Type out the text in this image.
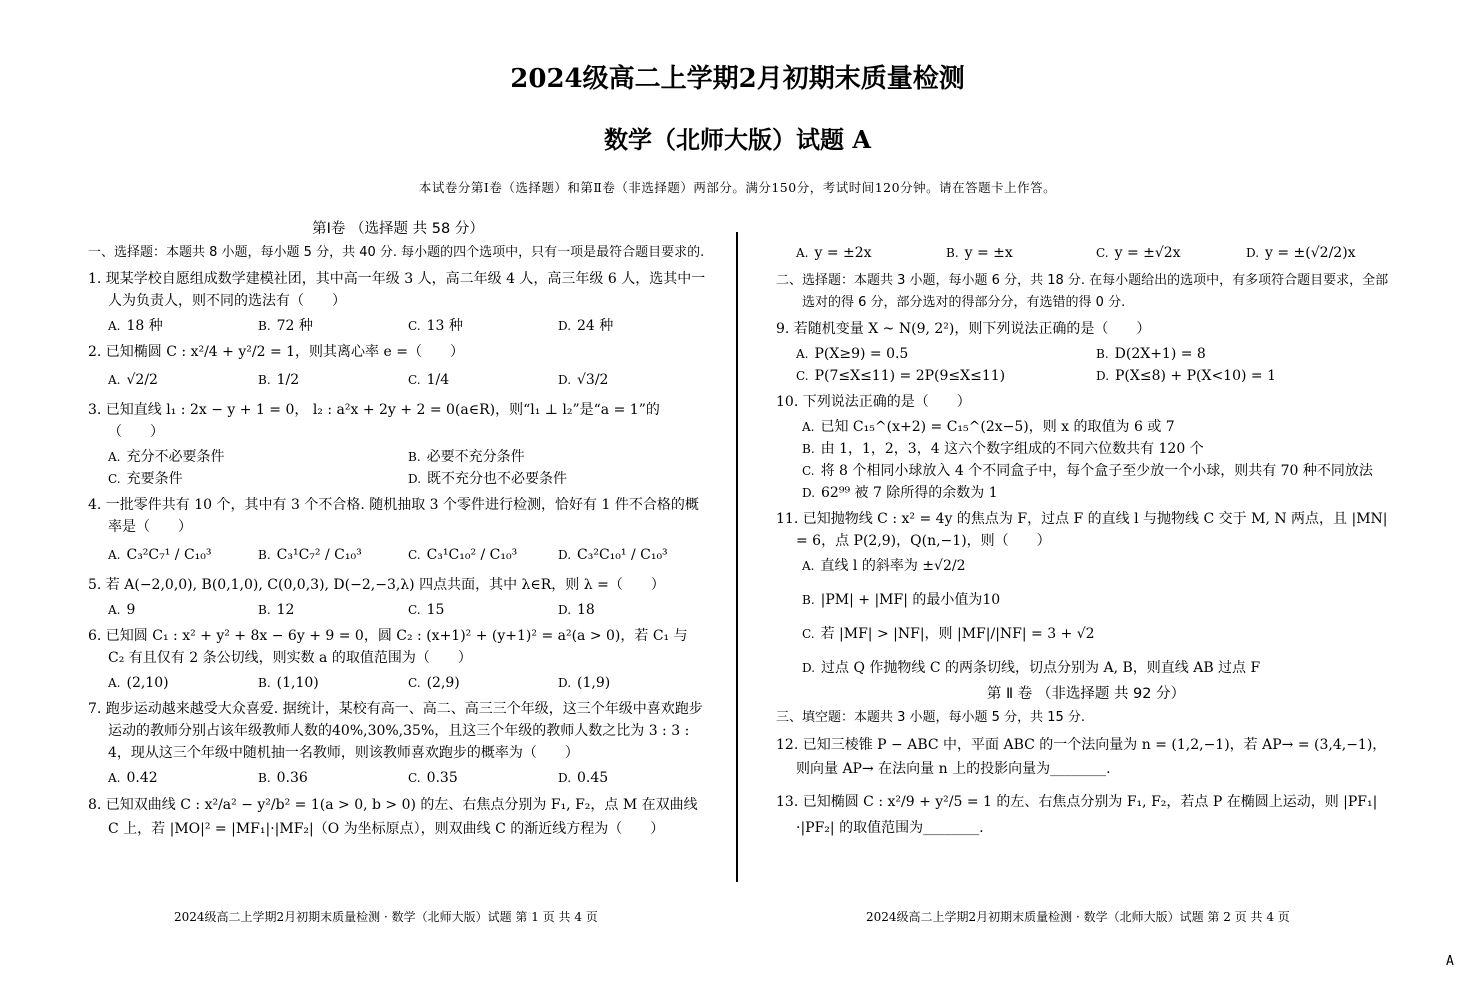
2024级高二上学期2月初期末质量检测
数学（北师大版）试题 A
本试卷分第Ⅰ卷（选择题）和第Ⅱ卷（非选择题）两部分。满分150分，考试时间120分钟。请在答题卡上作答。
第Ⅰ卷 （选择题 共 58 分）
一、选择题：本题共 8 小题，每小题 5 分，共 40 分. 每小题的四个选项中，只有一项是最符合题目要求的.
1. 现某学校自愿组成数学建模社团，其中高一年级 3 人，高二年级 4 人，高三年级 6 人，选其中一人为负责人，则不同的选法有（　　）
A. 18 种	B. 72 种	C. 13 种	D. 24 种
2. 已知椭圆 C : x²/4 + y²/2 = 1，则其离心率 e =（　　）
A. √2/2	B. 1/2	C. 1/4	D. √3/2
3. 已知直线 l₁ : 2x − y + 1 = 0， l₂ : a²x + 2y + 2 = 0(a∈R)，则“l₁ ⊥ l₂”是“a = 1”的（　　）
A. 充分不必要条件	B. 必要不充分条件
C. 充要条件	D. 既不充分也不必要条件
4. 一批零件共有 10 个，其中有 3 个不合格. 随机抽取 3 个零件进行检测，恰好有 1 件不合格的概率是（　　）
A. C₃²C₇¹ / C₁₀³	B. C₃¹C₇² / C₁₀³	C. C₃¹C₁₀² / C₁₀³	D. C₃²C₁₀¹ / C₁₀³
5. 若 A(−2,0,0), B(0,1,0), C(0,0,3), D(−2,−3,λ) 四点共面，其中 λ∈R，则 λ =（　　）
A. 9	B. 12	C. 15	D. 18
6. 已知圆 C₁ : x² + y² + 8x − 6y + 9 = 0，圆 C₂ : (x+1)² + (y+1)² = a²(a > 0)，若 C₁ 与 C₂ 有且仅有 2 条公切线，则实数 a 的取值范围为（　　）
A. (2,10)	B. (1,10)	C. (2,9)	D. (1,9)
7. 跑步运动越来越受大众喜爱. 据统计，某校有高一、高二、高三三个年级，这三个年级中喜欢跑步运动的教师分别占该年级教师人数的40%,30%,35%，且这三个年级的教师人数之比为 3 : 3 : 4，现从这三个年级中随机抽一名教师，则该教师喜欢跑步的概率为（　　）
A. 0.42	B. 0.36	C. 0.35	D. 0.45
8. 已知双曲线 C : x²/a² − y²/b² = 1(a > 0, b > 0) 的左、右焦点分别为 F₁, F₂，点 M 在双曲线 C 上，若 |MO|² = |MF₁|·|MF₂|（O 为坐标原点），则双曲线 C 的渐近线方程为（　　）
A. y = ±2x	B. y = ±x	C. y = ±√2x	D. y = ±(√2/2)x
二、选择题：本题共 3 小题，每小题 6 分，共 18 分. 在每小题给出的选项中，有多项符合题目要求，全部选对的得 6 分，部分选对的得部分分，有选错的得 0 分.
9. 若随机变量 X ~ N(9, 2²)，则下列说法正确的是（　　）
A. P(X≥9) = 0.5	B. D(2X+1) = 8
C. P(7≤X≤11) = 2P(9≤X≤11)	D. P(X≤8) + P(X<10) = 1
10. 下列说法正确的是（　　）
A. 已知 C₁₅^(x+2) = C₁₅^(2x−5)，则 x 的取值为 6 或 7
B. 由 1，1，2，3，4 这六个数字组成的不同六位数共有 120 个
C. 将 8 个相同小球放入 4 个不同盒子中，每个盒子至少放一个小球，则共有 70 种不同放法
D. 62⁹⁹ 被 7 除所得的余数为 1
11. 已知抛物线 C : x² = 4y 的焦点为 F，过点 F 的直线 l 与抛物线 C 交于 M, N 两点，且 |MN| = 6，点 P(2,9)，Q(n,−1)，则（　　）
A. 直线 l 的斜率为 ±√2/2
B. |PM| + |MF| 的最小值为10
C. 若 |MF| > |NF|，则 |MF|/|NF| = 3 + √2
D. 过点 Q 作抛物线 C 的两条切线，切点分别为 A, B，则直线 AB 过点 F
第 Ⅱ 卷 （非选择题 共 92 分）
三、填空题：本题共 3 小题，每小题 5 分，共 15 分.
12. 已知三棱锥 P − ABC 中，平面 ABC 的一个法向量为 n = (1,2,−1)，若 AP→ = (3,4,−1)，则向量 AP→ 在法向量 n 上的投影向量为________.
13. 已知椭圆 C : x²/9 + y²/5 = 1 的左、右焦点分别为 F₁, F₂，若点 P 在椭圆上运动，则 |PF₁|·|PF₂| 的取值范围为________.
2024级高二上学期2月初期末质量检测 · 数学（北师大版）试题 第 1 页 共 4 页	2024级高二上学期2月初期末质量检测 · 数学（北师大版）试题 第 2 页 共 4 页
A
